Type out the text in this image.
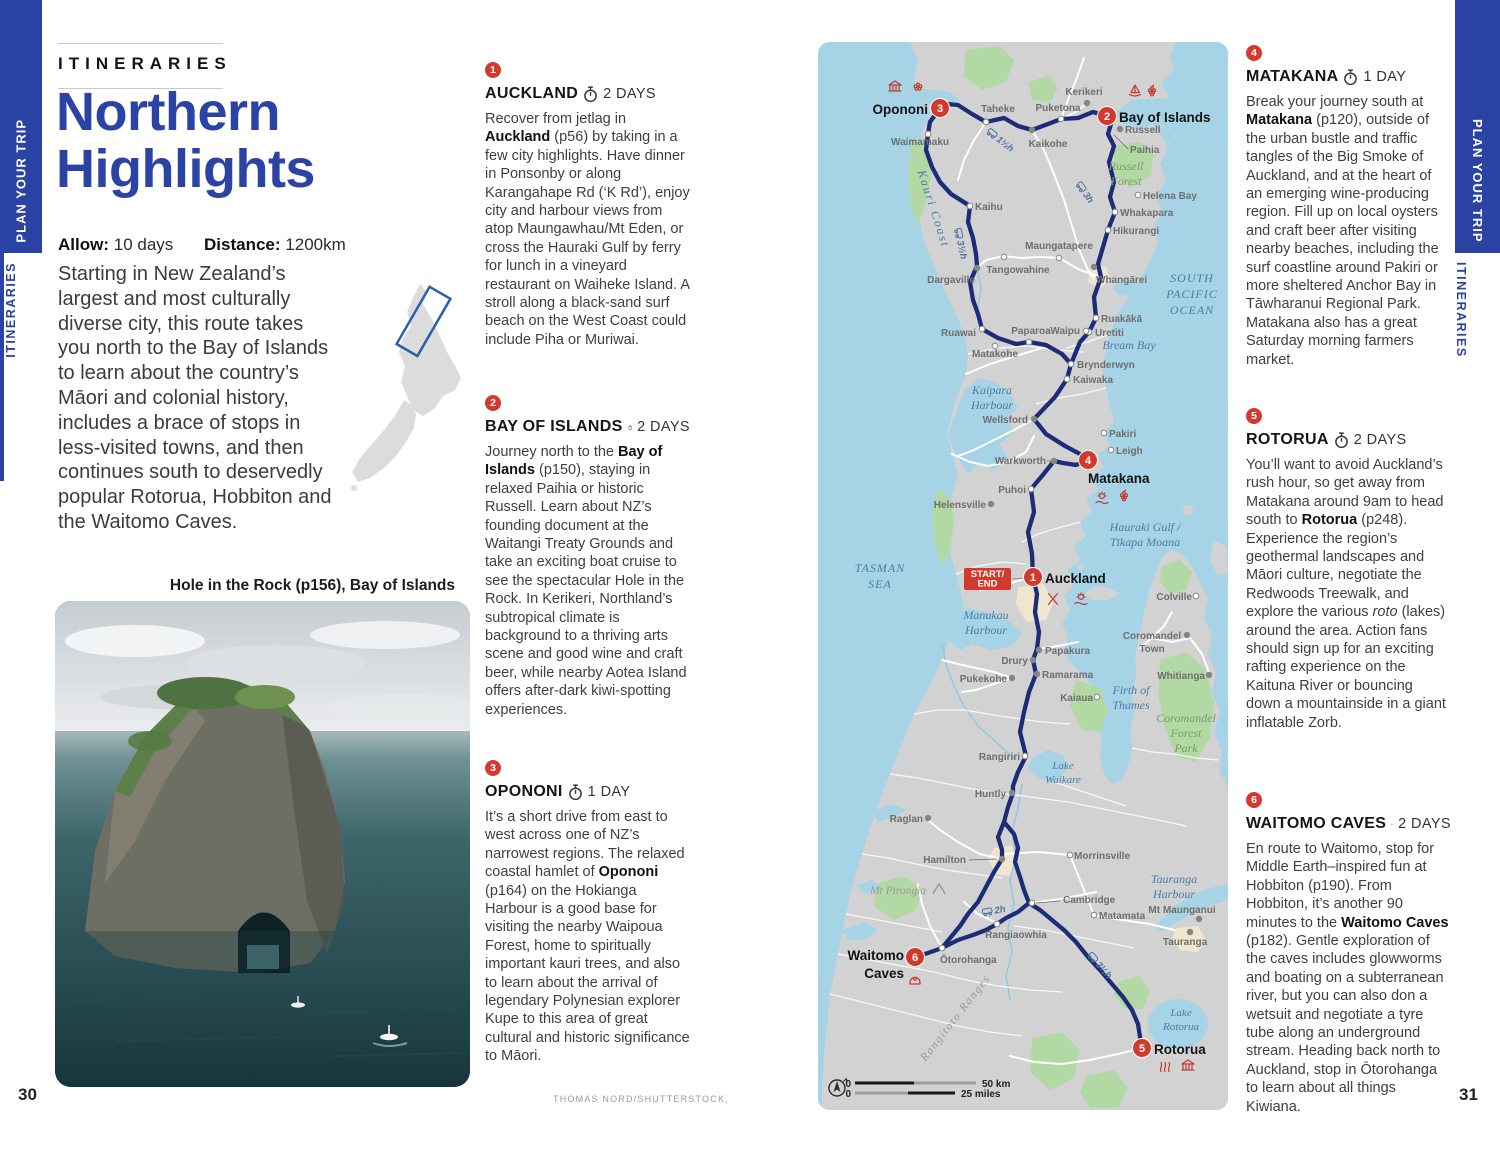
PLAN YOUR TRIP
ITINERARIES
PLAN YOUR TRIP
ITINERARIES
ITINERARIES
Northern Highlights
Allow: 10 days Distance: 1200km

Starting in New Zealand’s largest and most culturally diverse city, this route takes you north to the Bay of Islands to learn about the country’s Māori and colonial history, includes a brace of stops in less-visited towns, and then continues south to deservedly popular Rotorua, Hobbiton and the Waitomo Caves.

Hole in the Rock (p156), Bay of Islands
THOMAS NORD/SHUTTERSTOCK,
30	31
1
AUCKLAND 2 DAYS
Recover from jetlag in Auckland (p56) by taking in a few city highlights. Have dinner in Ponsonby or along Karangahape Rd (‘K Rd’), enjoy city and harbour views from atop Maungawhau/Mt Eden, or cross the Hauraki Gulf by ferry for lunch in a vineyard restaurant on Waiheke Island. A stroll along a black-sand surf beach on the West Coast could include Piha or Muriwai.
2
BAY OF ISLANDS 2 DAYS
Journey north to the Bay of Islands (p150), staying in relaxed Paihia or historic Russell. Learn about NZ’s founding document at the Waitangi Treaty Grounds and take an exciting boat cruise to see the spectacular Hole in the Rock. In Kerikeri, Northland’s subtropical climate is background to a thriving arts scene and good wine and craft beer, while nearby Aotea Island offers after-dark kiwi-spotting experiences.
3
OPONONI 1 DAY
It’s a short drive from east to west across one of NZ’s narrowest regions. The relaxed coastal hamlet of Opononi (p164) on the Hokianga Harbour is a good base for visiting the nearby Waipoua Forest, home to spiritually important kauri trees, and also to learn about the arrival of legendary Polynesian explorer Kupe to this area of great cultural and historic significance to Māori.
4
MATAKANA 1 DAY
Break your journey south at Matakana (p120), outside of the urban bustle and traffic tangles of the Big Smoke of Auckland, and at the heart of an emerging wine-producing region. Fill up on local oysters and craft beer after visiting nearby beaches, including the surf coastline around Pakiri or more sheltered Anchor Bay in Tāwharanui Regional Park. Matakana also has a great Saturday morning farmers market.
5
ROTORUA 2 DAYS
You’ll want to avoid Auckland’s rush hour, so get away from Matakana around 9am to head south to Rotorua (p248). Experience the region’s geothermal landscapes and Māori culture, negotiate the Redwoods Treewalk, and explore the various roto (lakes) around the area. Action fans should sign up for an exciting rafting experience on the Kaituna River or bouncing down a mountainside in a giant inflatable Zorb.
6
WAITOMO CAVES 2 DAYS
En route to Waitomo, stop for Middle Earth–inspired fun at Hobbiton (p190). From Hobbiton, it’s another 90 minutes to the Waitomo Caves (p182). Gentle exploration of the caves includes glowworms and boating on a subterranean river, but you can also don a wetsuit and negotiate a tyre tube along an underground stream. Heading back north to Auckland, stop in Ōtorohanga to learn about all things Kiwiana.
Kauri Coast
SOUTH PACIFIC OCEAN
Russell Forest
Kaipara Harbour
Bream Bay
Hauraki Gulf / Tīkapa Moana
TASMAN SEA
Manukau Harbour
Firth of Thames
Coromandel Forest Park
Lake Waikare
Tauranga Harbour
Mt Pirongia
Rangitoto Ranges	Lake Rotorua
Kerikeri
Russell
Paihia
Taheke Puketona
Kaikohe
Waimamaku
Helena Bay
Whakapara
Hikurangi
Kaihu
Maungatapere
Tangowahine
Dargaville	Whangārei
Ruakākā
Uretiti
Waipu
Ruawai	Paparoa
Matakohe
Brynderwyn
Kaiwaka
Wellsford
Pakiri
Leigh
Warkworth
Puhoi
Helensville
Colville
Coromandel Town
Whitianga
Papakura
Drury
Ramarama
Pukekohe
Kaiaua
Rangiriri
Huntly
Raglan
Hamilton	Morrinsville
Cambridge
Matamata
Mt Maunganui
Tauranga
Rangiaowhia
Ōtorohanga
1½h
3h
3½h
2h
3¼h
START/
END
1 Auckland
2 Bay of Islands
3
Opononi
4
Matakana
5 Rotorua
6
Waitomo Caves
0
0
50 km
25 miles
